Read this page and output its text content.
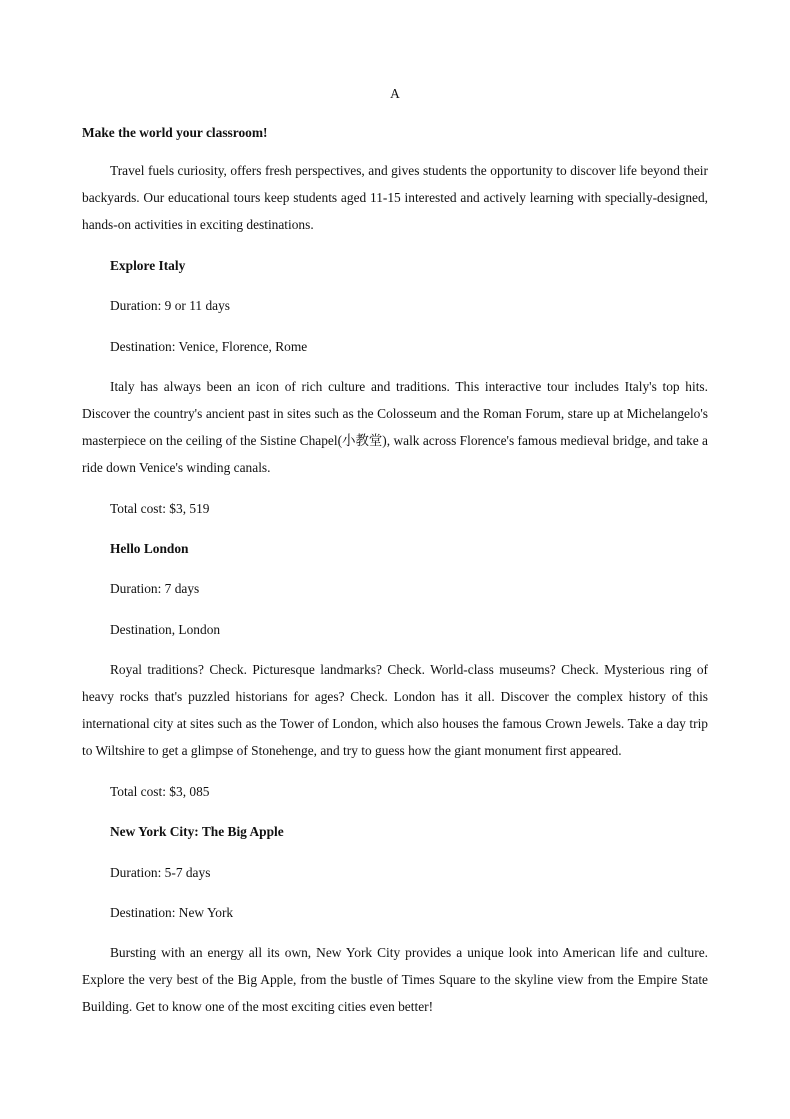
A
Make the world your classroom!
Travel fuels curiosity, offers fresh perspectives, and gives students the opportunity to discover life beyond their backyards. Our educational tours keep students aged 11-15 interested and actively learning with specially-designed, hands-on activities in exciting destinations.
Explore Italy
Duration: 9 or 11 days
Destination: Venice, Florence, Rome
Italy has always been an icon of rich culture and traditions. This interactive tour includes Italy's top hits. Discover the country's ancient past in sites such as the Colosseum and the Roman Forum, stare up at Michelangelo's masterpiece on the ceiling of the Sistine Chapel(小教堂), walk across Florence's famous medieval bridge, and take a ride down Venice's winding canals.
Total cost: $3, 519
Hello London
Duration: 7 days
Destination, London
Royal traditions? Check. Picturesque landmarks? Check. World-class museums? Check. Mysterious ring of heavy rocks that's puzzled historians for ages? Check. London has it all. Discover the complex history of this international city at sites such as the Tower of London, which also houses the famous Crown Jewels. Take a day trip to Wiltshire to get a glimpse of Stonehenge, and try to guess how the giant monument first appeared.
Total cost: $3, 085
New York City: The Big Apple
Duration: 5-7 days
Destination: New York
Bursting with an energy all its own, New York City provides a unique look into American life and culture. Explore the very best of the Big Apple, from the bustle of Times Square to the skyline view from the Empire State Building. Get to know one of the most exciting cities even better!
